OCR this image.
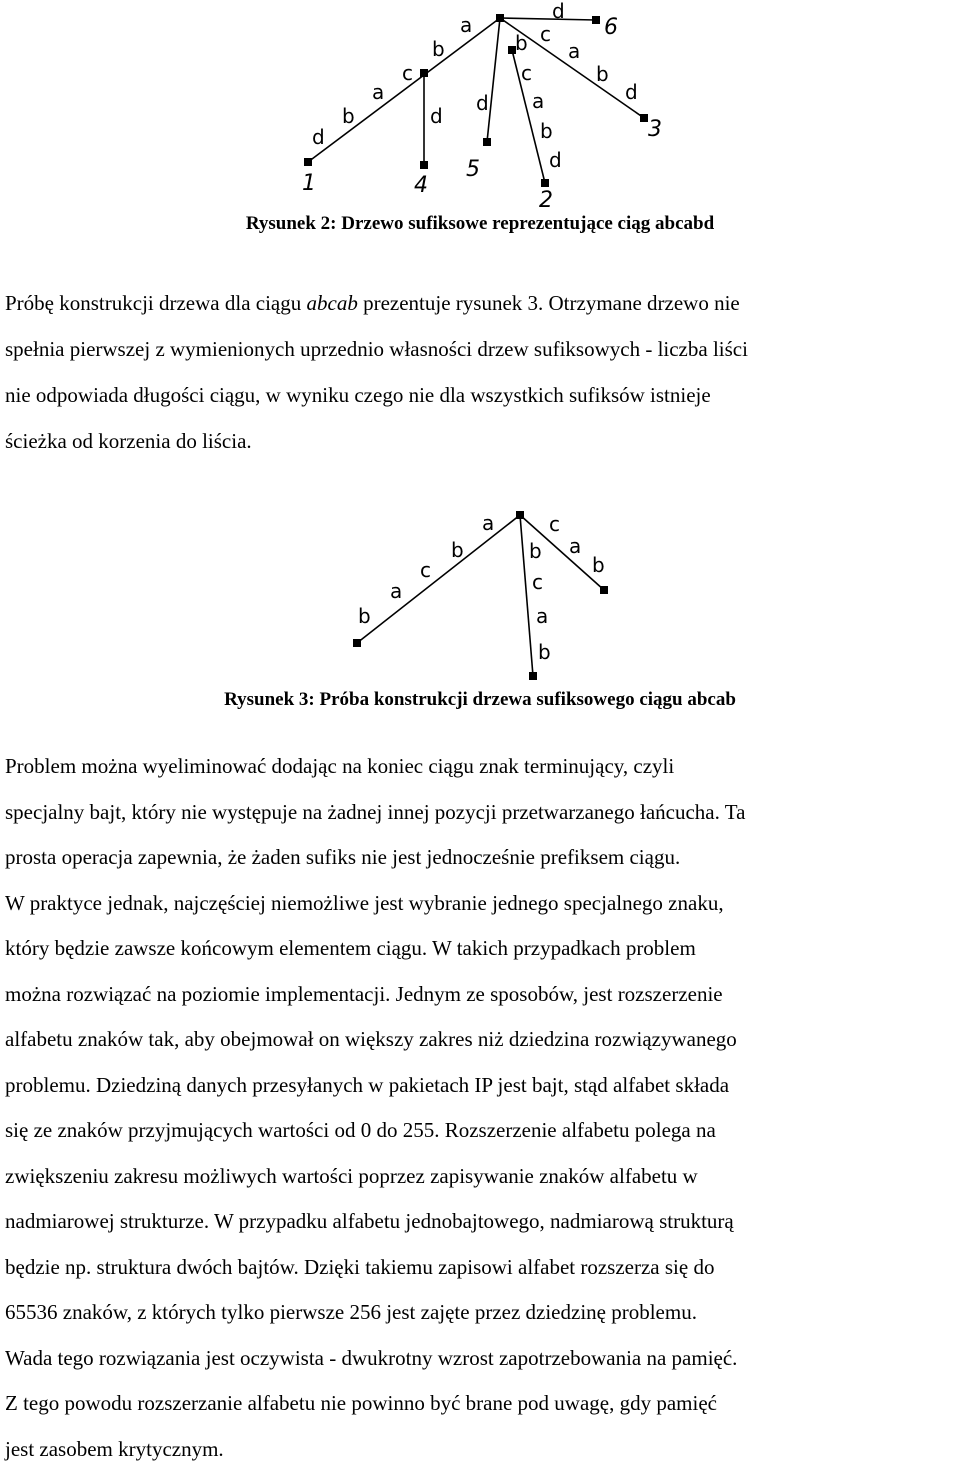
a
d
6
b
c
c
a
b
b a
d
d
c
a
b
d
b
d
3
d
1	4
5
2

Rysunek 2: Drzewo sufiksowe reprezentujące ciąg abcabd

Próbę konstrukcji drzewa dla ciągu abcab prezentuje rysunek 3. Otrzymane drzewo nie
spełnia pierwszej z wymienionych uprzednio własności drzew sufiksowych - liczba liści
nie odpowiada długości ciągu, w wyniku czego nie dla wszystkich sufiksów istnieje
ścieżka od korzenia do liścia.

a	c
b	b a
c	c
b
a
a
b
b

Rysunek 3: Próba konstrukcji drzewa sufiksowego ciągu abcab

Problem można wyeliminować dodając na koniec ciągu znak terminujący, czyli
specjalny bajt, który nie występuje na żadnej innej pozycji przetwarzanego łańcucha. Ta
prosta operacja zapewnia, że żaden sufiks nie jest jednocześnie prefiksem ciągu.
W praktyce jednak, najczęściej niemożliwe jest wybranie jednego specjalnego znaku,
który będzie zawsze końcowym elementem ciągu. W takich przypadkach problem
można rozwiązać na poziomie implementacji. Jednym ze sposobów, jest rozszerzenie
alfabetu znaków tak, aby obejmował on większy zakres niż dziedzina rozwiązywanego
problemu. Dziedziną danych przesyłanych w pakietach IP jest bajt, stąd alfabet składa
się ze znaków przyjmujących wartości od 0 do 255. Rozszerzenie alfabetu polega na
zwiększeniu zakresu możliwych wartości poprzez zapisywanie znaków alfabetu w
nadmiarowej strukturze. W przypadku alfabetu jednobajtowego, nadmiarową strukturą
będzie np. struktura dwóch bajtów. Dzięki takiemu zapisowi alfabet rozszerza się do
65536 znaków, z których tylko pierwsze 256 jest zajęte przez dziedzinę problemu.
Wada tego rozwiązania jest oczywista - dwukrotny wzrost zapotrzebowania na pamięć.
Z tego powodu rozszerzanie alfabetu nie powinno być brane pod uwagę, gdy pamięć
jest zasobem krytycznym.
